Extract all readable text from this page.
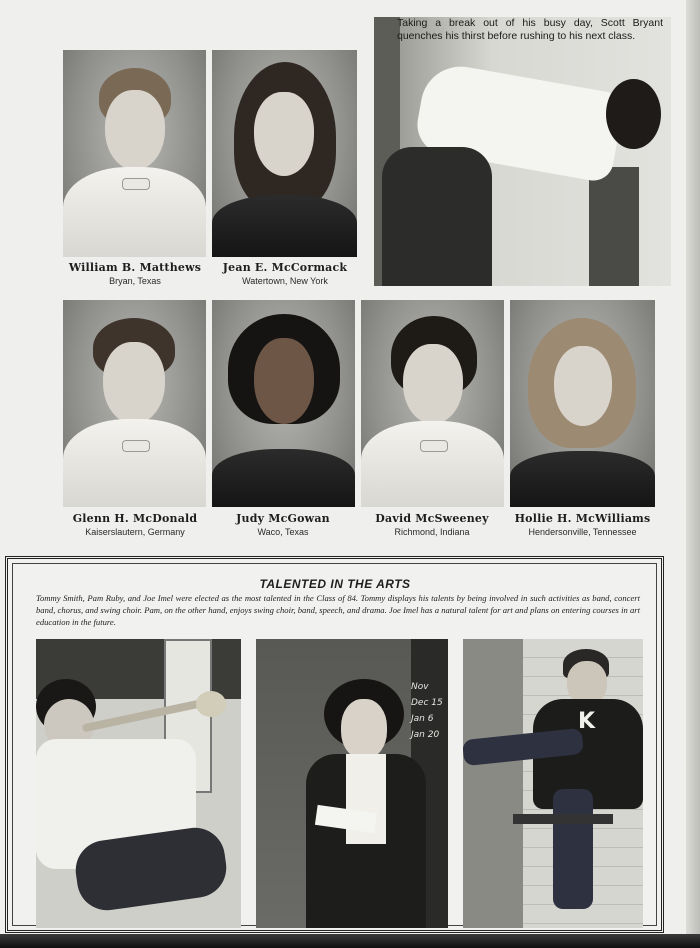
William B. Matthews
Bryan, Texas
Jean E. McCormack
Watertown, New York
Taking a break out of his busy day, Scott Bryant quenches his thirst before rushing to his next class.
Glenn H. McDonald
Kaiserslautern, Germany
Judy McGowan
Waco, Texas
David McSweeney
Richmond, Indiana
Hollie H. McWilliams
Hendersonville, Tennessee
TALENTED IN THE ARTS
Tommy Smith, Pam Ruby, and Joe Imel were elected as the most talented in the Class of 84. Tommy displays his talents by being involved in such activities as band, concert band, chorus, and swing choir. Pam, on the other hand, enjoys swing choir, band, speech, and drama. Joe Imel has a natural talent for art and plans on entering courses in art education in the future.
Nov
Dec 15
Jan 6
Jan 20
K
